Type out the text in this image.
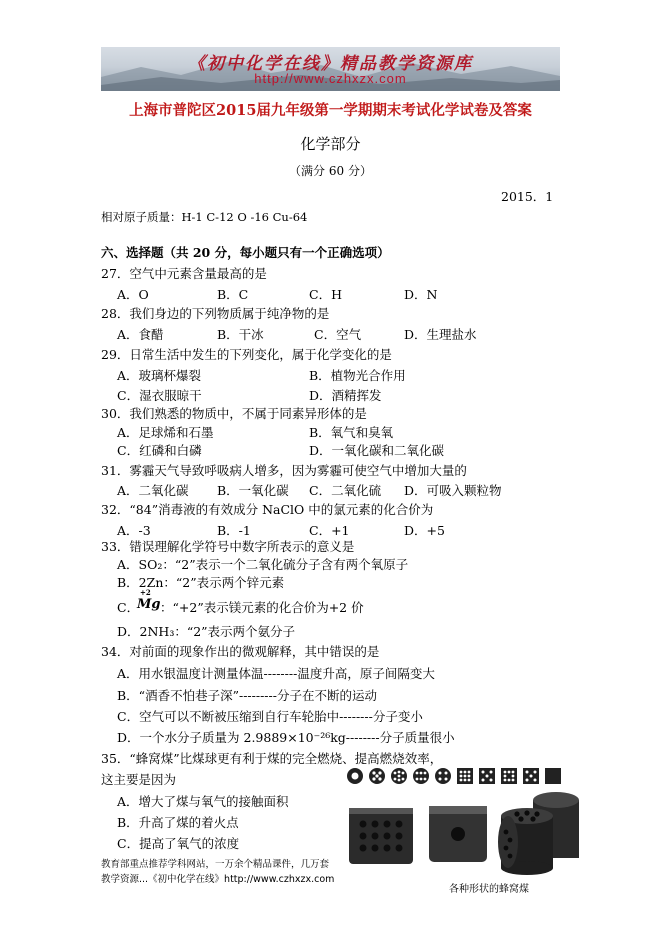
《初中化学在线》精品教学资源库
http://www.czhxzx.com
上海市普陀区2015届九年级第一学期期末考试化学试卷及答案
化学部分
（满分 60 分）
2015．1
相对原子质量：H-1 C-12 O -16 Cu-64
六、选择题（共 20 分，每小题只有一个正确选项）
27．空气中元素含量最高的是
A．O	B．C	C．H	D．N
28．我们身边的下列物质属于纯净物的是
A．食醋	B．干冰	C．空气	D．生理盐水
29．日常生活中发生的下列变化，属于化学变化的是
A．玻璃杯爆裂	B．植物光合作用
C．湿衣服晾干	D．酒精挥发
30．我们熟悉的物质中，不属于同素异形体的是
A．足球烯和石墨	B．氧气和臭氧
C．红磷和白磷	D．一氧化碳和二氧化碳
31．雾霾天气导致呼吸病人增多，因为雾霾可使空气中增加大量的
A．二氧化碳 B．一氧化碳 C．二氧化硫 D．可吸入颗粒物
32．“84”消毒液的有效成分 NaClO 中的氯元素的化合价为
A．-3	B．-1	C．+1	D．+5
33．错误理解化学符号中数字所表示的意义是
A．SO₂：“2”表示一个二氧化硫分子含有两个氧原子
B．2Zn：“2”表示两个锌元素
C．
+2
Mg ：“+2”表示镁元素的化合价为+2 价
D．2NH₃：“2”表示两个氨分子
34．对前面的现象作出的微观解释，其中错误的是
A．用水银温度计测量体温--------温度升高，原子间隔变大
B．“酒香不怕巷子深”---------分子在不断的运动
C．空气可以不断被压缩到自行车轮胎中--------分子变小
D．一个水分子质量为 2.9889×10⁻²⁶kg--------分子质量很小
35．“蜂窝煤”比煤球更有利于煤的完全燃烧、提高燃烧效率，
这主要是因为
A．增大了煤与氧气的接触面积
B．升高了煤的着火点
C．提高了氧气的浓度
教育部重点推荐学科网站，一万余个精品课件，几万套
教学资源...《初中化学在线》http://www.czhxzx.com
各种形状的蜂窝煤
